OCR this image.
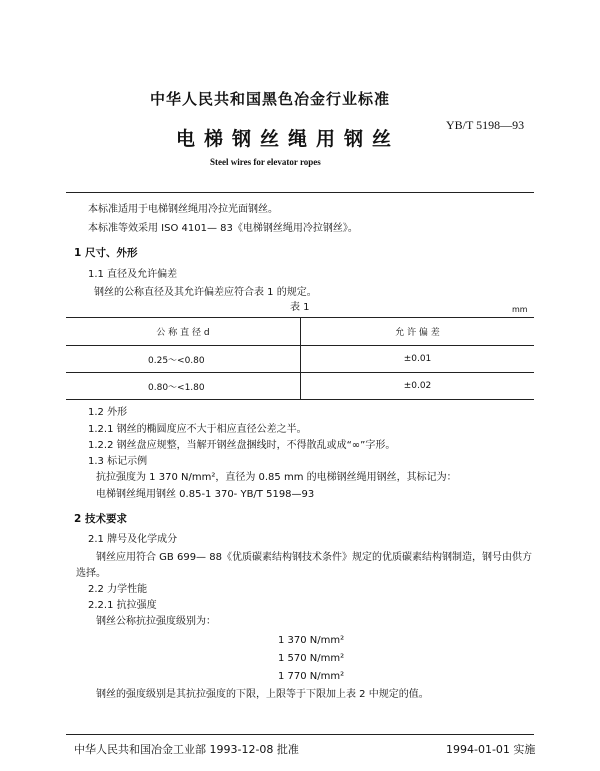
中华人民共和国黑色冶金行业标准
YB/T 5198—93
电梯钢丝绳用钢丝
Steel wires for elevator ropes
本标准适用于电梯钢丝绳用冷拉光面钢丝。
本标准等效采用 ISO 4101— 83《电梯钢丝绳用冷拉钢丝》。
1 尺寸、外形
1.1 直径及允许偏差
钢丝的公称直径及其允许偏差应符合表 1 的规定。
表 1	mm
公 称 直 径 d	允 许 偏 差
0.25～<0.80	±0.01
0.80～<1.80	±0.02
1.2 外形
1.2.1 钢丝的椭圆度应不大于相应直径公差之半。
1.2.2 钢丝盘应规整，当解开钢丝盘捆线时，不得散乱或成“∞”字形。
1.3 标记示例
抗拉强度为 1 370 N/mm²，直径为 0.85 mm 的电梯钢丝绳用钢丝，其标记为：
电梯钢丝绳用钢丝 0.85-1 370- YB/T 5198—93
2 技术要求
2.1 牌号及化学成分
钢丝应用符合 GB 699— 88《优质碳素结构钢技术条件》规定的优质碳素结构钢制造，钢号由供方
选择。
2.2 力学性能
2.2.1 抗拉强度
钢丝公称抗拉强度级别为：
1 370 N/mm²
1 570 N/mm²
1 770 N/mm²
钢丝的强度级别是其抗拉强度的下限，上限等于下限加上表 2 中规定的值。
中华人民共和国冶金工业部 1993-12-08 批准	1994-01-01 实施
